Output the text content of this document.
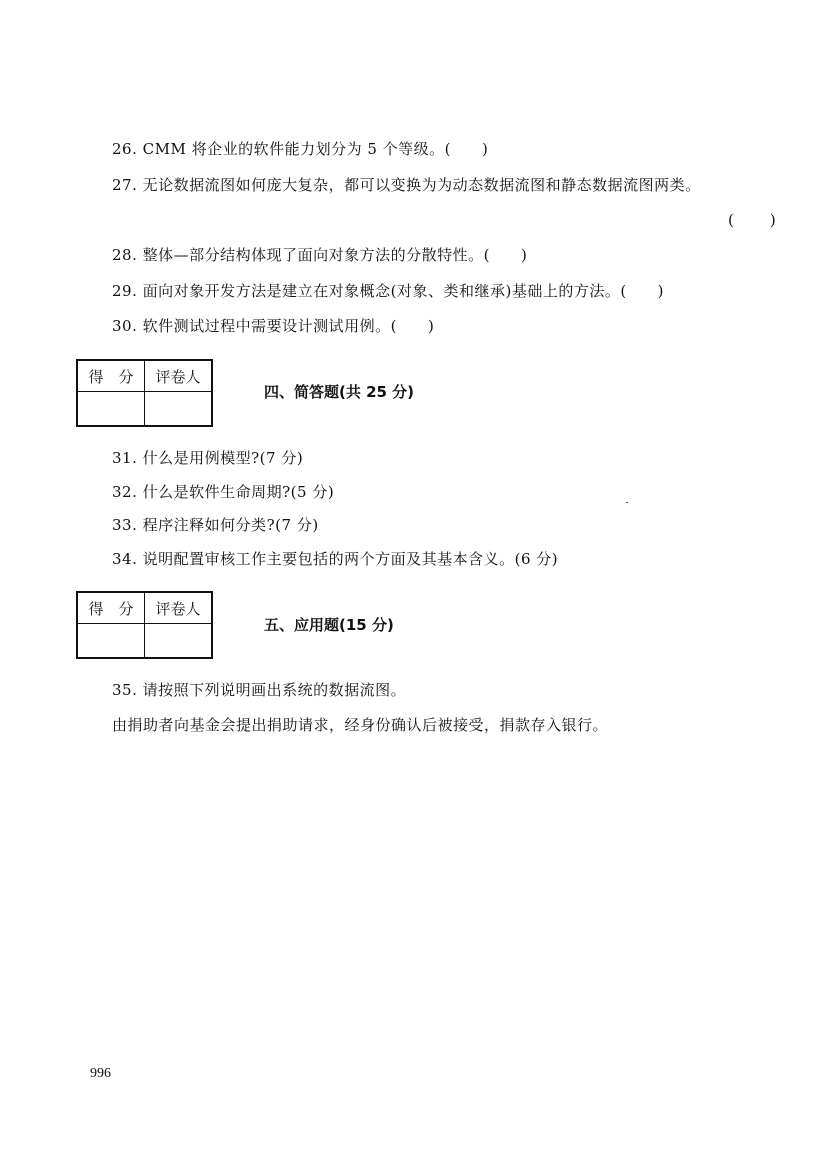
26. CMM 将企业的软件能力划分为 5 个等级。(　　)
27. 无论数据流图如何庞大复杂，都可以变换为为动态数据流图和静态数据流图两类。
(　　)
28. 整体—部分结构体现了面向对象方法的分散特性。(　　)
29. 面向对象开发方法是建立在对象概念(对象、类和继承)基础上的方法。(　　)
30. 软件测试过程中需要设计测试用例。(　　)
得　分	评卷人

四、简答题(共 25 分)
31. 什么是用例模型?(7 分)
32. 什么是软件生命周期?(5 分)
33. 程序注释如何分类?(7 分)
34. 说明配置审核工作主要包括的两个方面及其基本含义。(6 分)
得　分	评卷人

五、应用题(15 分)
35. 请按照下列说明画出系统的数据流图。
由捐助者向基金会提出捐助请求，经身份确认后被接受，捐款存入银行。
996
